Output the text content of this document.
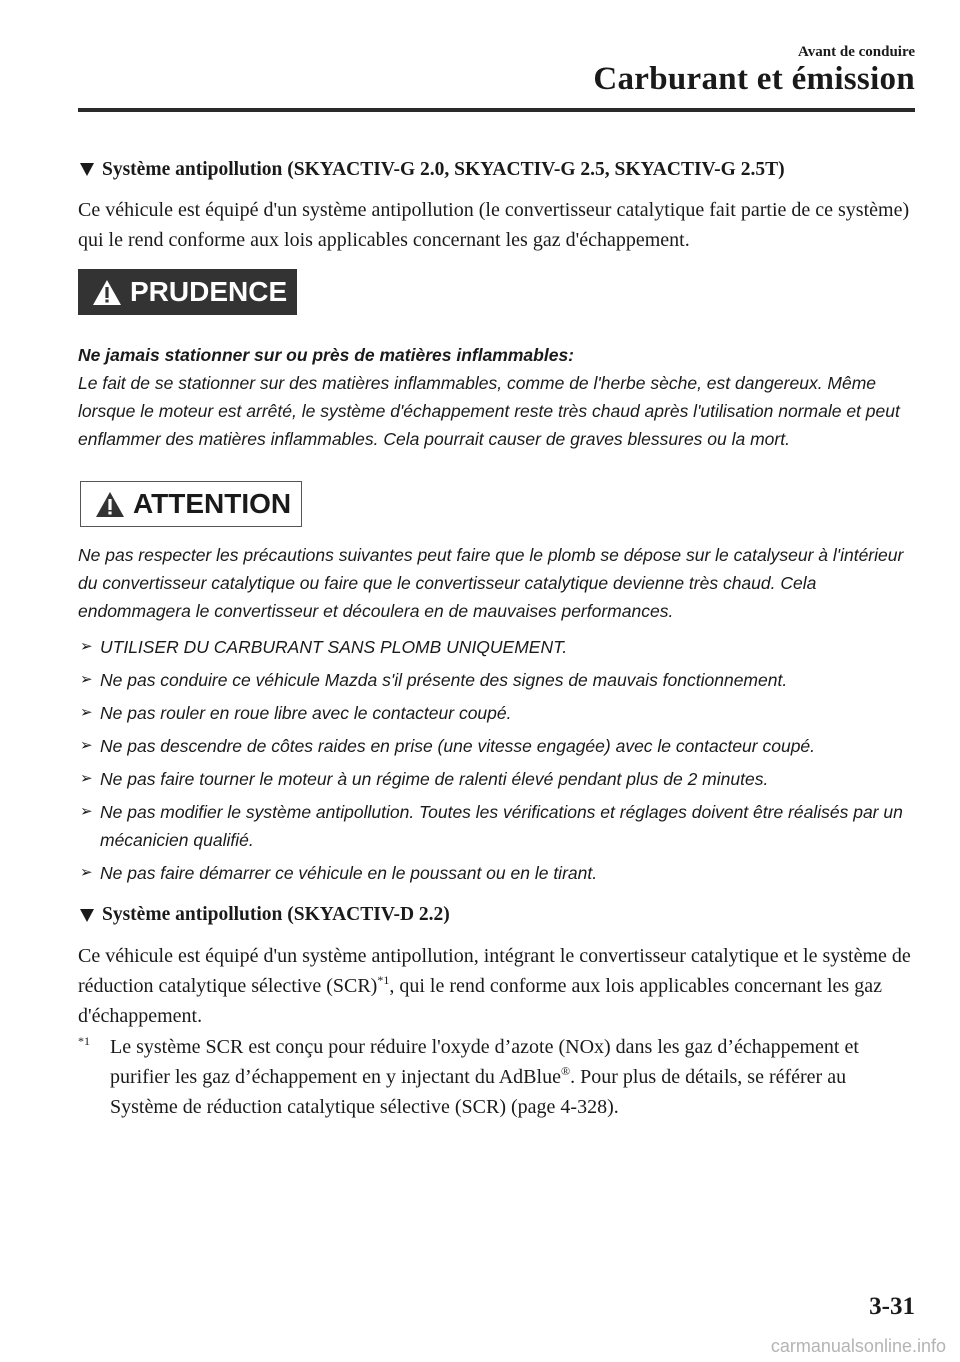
Avant de conduire
Carburant et émission
Système antipollution (SKYACTIV-G 2.0, SKYACTIV-G 2.5, SKYACTIV-G 2.5T)

Ce véhicule est équipé d'un système antipollution (le convertisseur catalytique fait partie de ce système) qui le rend conforme aux lois applicables concernant les gaz d'échappement.

PRUDENCE
Ne jamais stationner sur ou près de matières inflammables:
Le fait de se stationner sur des matières inflammables, comme de l'herbe sèche, est dangereux. Même lorsque le moteur est arrêté, le système d'échappement reste très chaud après l'utilisation normale et peut enflammer des matières inflammables. Cela pourrait causer de graves blessures ou la mort.
ATTENTION
Ne pas respecter les précautions suivantes peut faire que le plomb se dépose sur le catalyseur à l'intérieur du convertisseur catalytique ou faire que le convertisseur catalytique devienne très chaud. Cela endommagera le convertisseur et découlera en de mauvaises performances.
➢ UTILISER DU CARBURANT SANS PLOMB UNIQUEMENT.
➢ Ne pas conduire ce véhicule Mazda s'il présente des signes de mauvais fonctionnement.
➢ Ne pas rouler en roue libre avec le contacteur coupé.
➢ Ne pas descendre de côtes raides en prise (une vitesse engagée) avec le contacteur coupé.
➢ Ne pas faire tourner le moteur à un régime de ralenti élevé pendant plus de 2 minutes.
➢ Ne pas modifier le système antipollution. Toutes les vérifications et réglages doivent être réalisés par un mécanicien qualifié.
➢ Ne pas faire démarrer ce véhicule en le poussant ou en le tirant.
Système antipollution (SKYACTIV-D 2.2)

Ce véhicule est équipé d'un système antipollution, intégrant le convertisseur catalytique et le système de réduction catalytique sélective (SCR)$^{*1}$, qui le rend conforme aux lois applicables concernant les gaz d'échappement.

$^{*1}$	Le système SCR est conçu pour réduire l'oxyde d’azote (NOx) dans les gaz d’échappement et purifier les gaz d’échappement en y injectant du AdBlue®. Pour plus de détails, se référer au Système de réduction catalytique sélective (SCR) (page 4-328).
3-31
carmanualsonline.info
